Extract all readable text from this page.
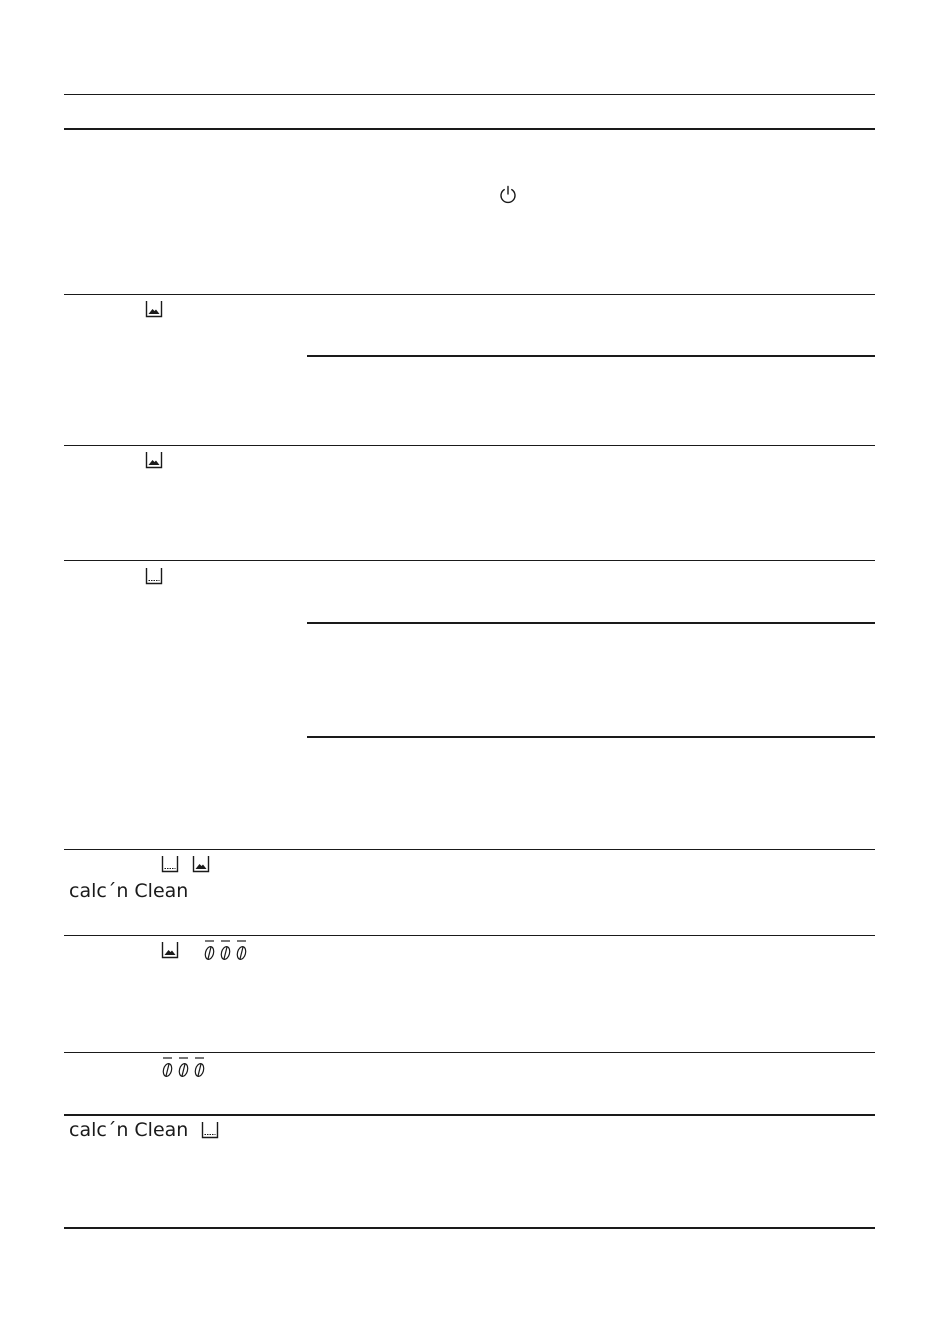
calc´n Clean
calc´n Clean
